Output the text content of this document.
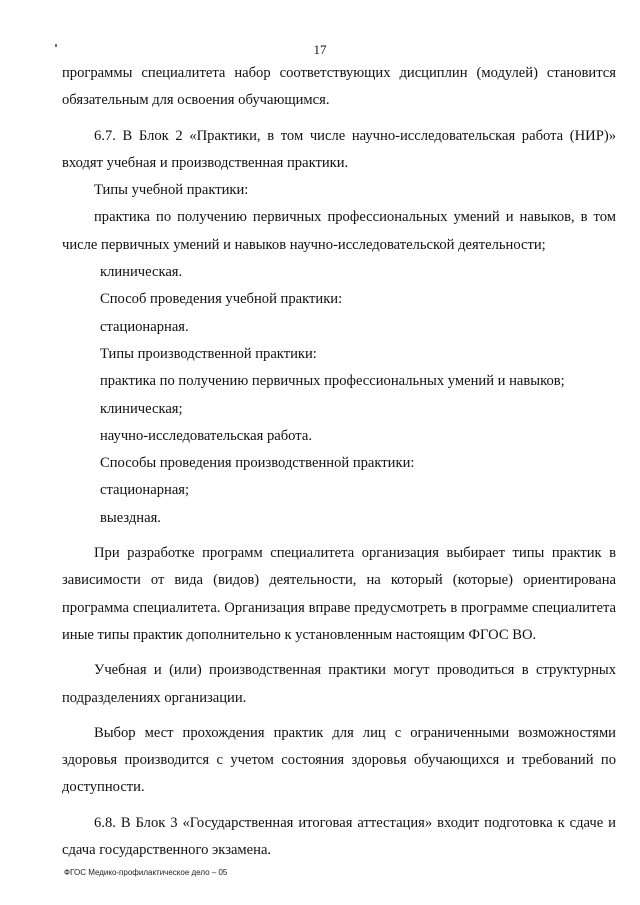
17

программы специалитета набор соответствующих дисциплин (модулей) становится обязательным для освоения обучающимся.

6.7. В Блок 2 «Практики, в том числе научно-исследовательская работа (НИР)» входят учебная и производственная практики.

Типы учебной практики:

практика по получению первичных профессиональных умений и навыков, в том числе первичных умений и навыков научно-исследовательской деятельности;

клиническая.

Способ проведения учебной практики:

стационарная.

Типы производственной практики:

практика по получению первичных профессиональных умений и навыков;

клиническая;

научно-исследовательская работа.

Способы проведения производственной практики:

стационарная;

выездная.

При разработке программ специалитета организация выбирает типы практик в зависимости от вида (видов) деятельности, на который (которые) ориентирована программа специалитета. Организация вправе предусмотреть в программе специалитета иные типы практик дополнительно к установленным настоящим ФГОС ВО.

Учебная и (или) производственная практики могут проводиться в структурных подразделениях организации.

Выбор мест прохождения практик для лиц с ограниченными возможностями здоровья производится с учетом состояния здоровья обучающихся и требований по доступности.

6.8. В Блок 3 «Государственная итоговая аттестация» входит подготовка к сдаче и сдача государственного экзамена.

ФГОС Медико-профилактическое дело – 05
